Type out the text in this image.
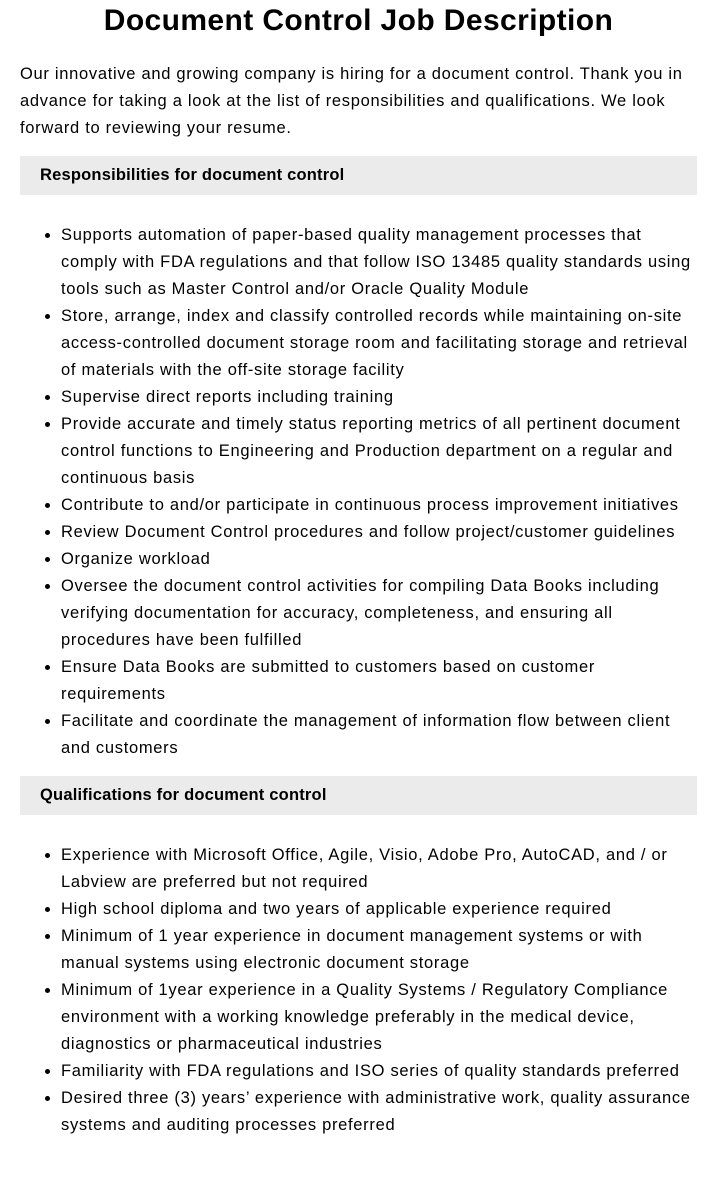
Document Control Job Description

Our innovative and growing company is hiring for a document control. Thank you in advance for taking a look at the list of responsibilities and qualifications. We look forward to reviewing your resume.

Responsibilities for document control
Supports automation of paper-based quality management processes that comply with FDA regulations and that follow ISO 13485 quality standards using tools such as Master Control and/or Oracle Quality Module
Store, arrange, index and classify controlled records while maintaining on-site access-controlled document storage room and facilitating storage and retrieval of materials with the off-site storage facility
Supervise direct reports including training
Provide accurate and timely status reporting metrics of all pertinent document control functions to Engineering and Production department on a regular and continuous basis
Contribute to and/or participate in continuous process improvement initiatives
Review Document Control procedures and follow project/customer guidelines
Organize workload
Oversee the document control activities for compiling Data Books including verifying documentation for accuracy, completeness, and ensuring all procedures have been fulfilled
Ensure Data Books are submitted to customers based on customer requirements
Facilitate and coordinate the management of information flow between client and customers
Qualifications for document control
Experience with Microsoft Office, Agile, Visio, Adobe Pro, AutoCAD, and / or Labview are preferred but not required
High school diploma and two years of applicable experience required
Minimum of 1 year experience in document management systems or with manual systems using electronic document storage
Minimum of 1year experience in a Quality Systems / Regulatory Compliance environment with a working knowledge preferably in the medical device, diagnostics or pharmaceutical industries
Familiarity with FDA regulations and ISO series of quality standards preferred
Desired three (3) years’ experience with administrative work, quality assurance systems and auditing processes preferred
